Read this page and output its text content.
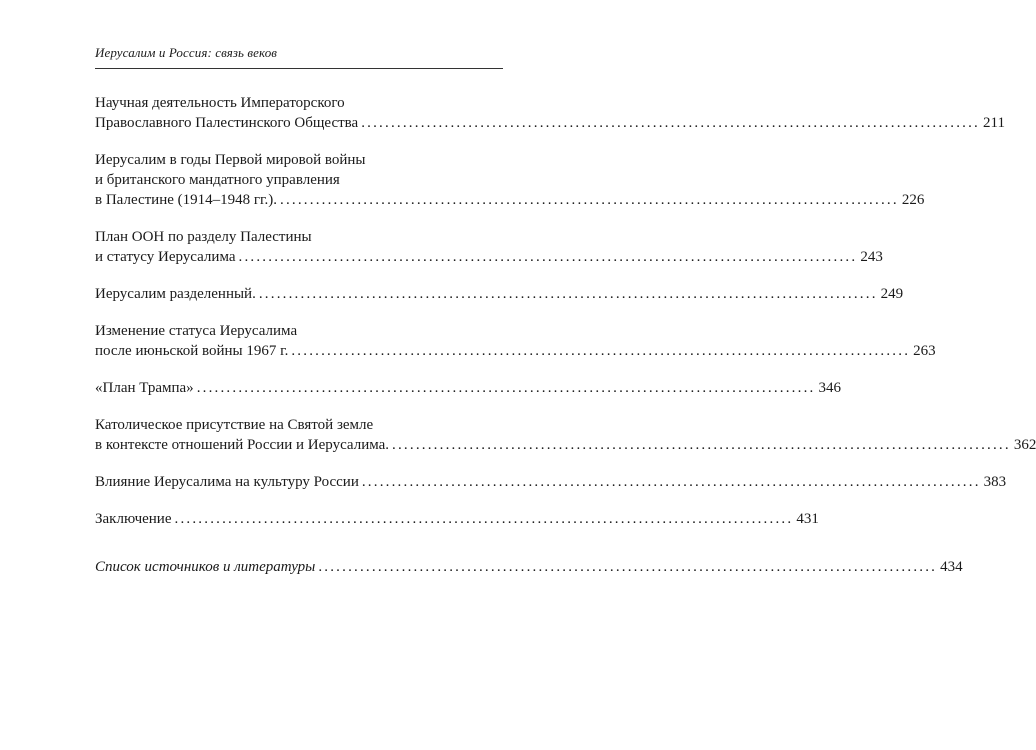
Иерусалим и Россия: связь веков
Научная деятельность Императорского
Православного Палестинского Общества ........................................................................................................ 211
Иерусалим в годы Первой мировой войны
и британского мандатного управления
в Палестине (1914–1948 гг.). ........................................................................................................ 226
План ООН по разделу Палестины
и статусу Иерусалима ........................................................................................................ 243
Иерусалим разделенный. ........................................................................................................ 249
Изменение статуса Иерусалима
после июньской войны 1967 г. ........................................................................................................ 263
«План Трампа» ........................................................................................................ 346
Католическое присутствие на Святой земле
в контексте отношений России и Иерусалима. ........................................................................................................ 362
Влияние Иерусалима на культуру России ........................................................................................................ 383
Заключение ........................................................................................................ 431
Список источников и литературы ........................................................................................................ 434
